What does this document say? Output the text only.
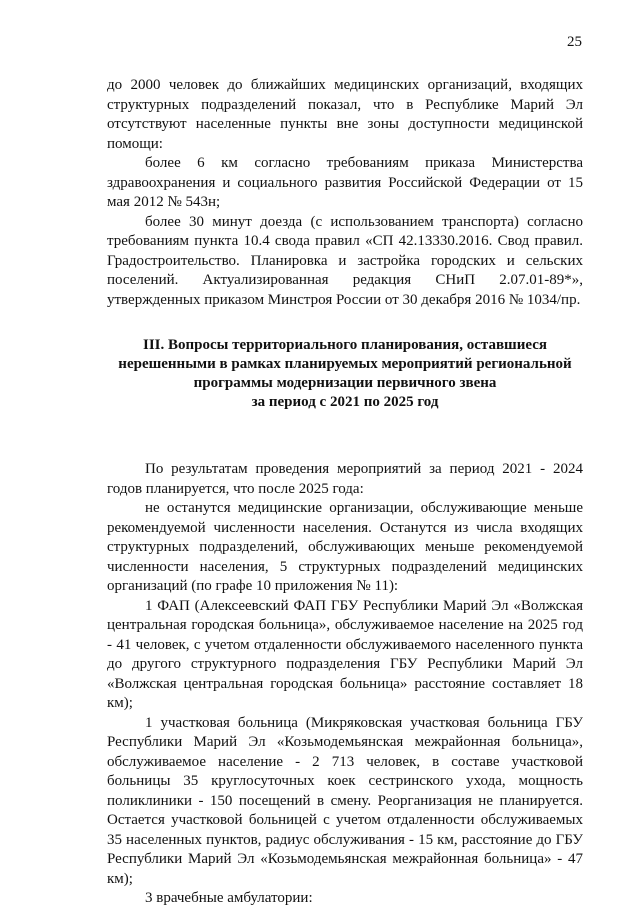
25

до 2000 человек до ближайших медицинских организаций, входящих структурных подразделений показал, что в Республике Марий Эл отсутствуют населенные пункты вне зоны доступности медицинской помощи:

более 6 км согласно требованиям приказа Министерства здравоохранения и социального развития Российской Федерации от 15 мая 2012 № 543н;

более 30 минут доезда (с использованием транспорта) согласно требованиям пункта 10.4 свода правил «СП 42.13330.2016. Свод правил. Градостроительство. Планировка и застройка городских и сельских поселений. Актуализированная редакция СНиП 2.07.01-89*», утвержденных приказом Минстроя России от 30 декабря 2016 № 1034/пр.

III. Вопросы территориального планирования, оставшиеся
нерешенными в рамках планируемых мероприятий региональной
программы модернизации первичного звена
за период с 2021 по 2025 год

По результатам проведения мероприятий за период 2021 - 2024 годов планируется, что после 2025 года:

не останутся медицинские организации, обслуживающие меньше рекомендуемой численности населения. Останутся из числа входящих структурных подразделений, обслуживающих меньше рекомендуемой численности населения, 5 структурных подразделений медицинских организаций (по графе 10 приложения № 11):

1 ФАП (Алексеевский ФАП ГБУ Республики Марий Эл «Волжская центральная городская больница», обслуживаемое население на 2025 год - 41 человек, с учетом отдаленности обслуживаемого населенного пункта до другого структурного подразделения ГБУ Республики Марий Эл «Волжская центральная городская больница» расстояние составляет 18 км);

1 участковая больница (Микряковская участковая больница ГБУ Республики Марий Эл «Козьмодемьянская межрайонная больница», обслуживаемое население - 2 713 человек, в составе участковой больницы 35 круглосуточных коек сестринского ухода, мощность поликлиники - 150 посещений в смену. Реорганизация не планируется. Остается участковой больницей с учетом отдаленности обслуживаемых 35 населенных пунктов, радиус обслуживания - 15 км, расстояние до ГБУ Республики Марий Эл «Козьмодемьянская межрайонная больница» - 47 км);

3 врачебные амбулатории:
